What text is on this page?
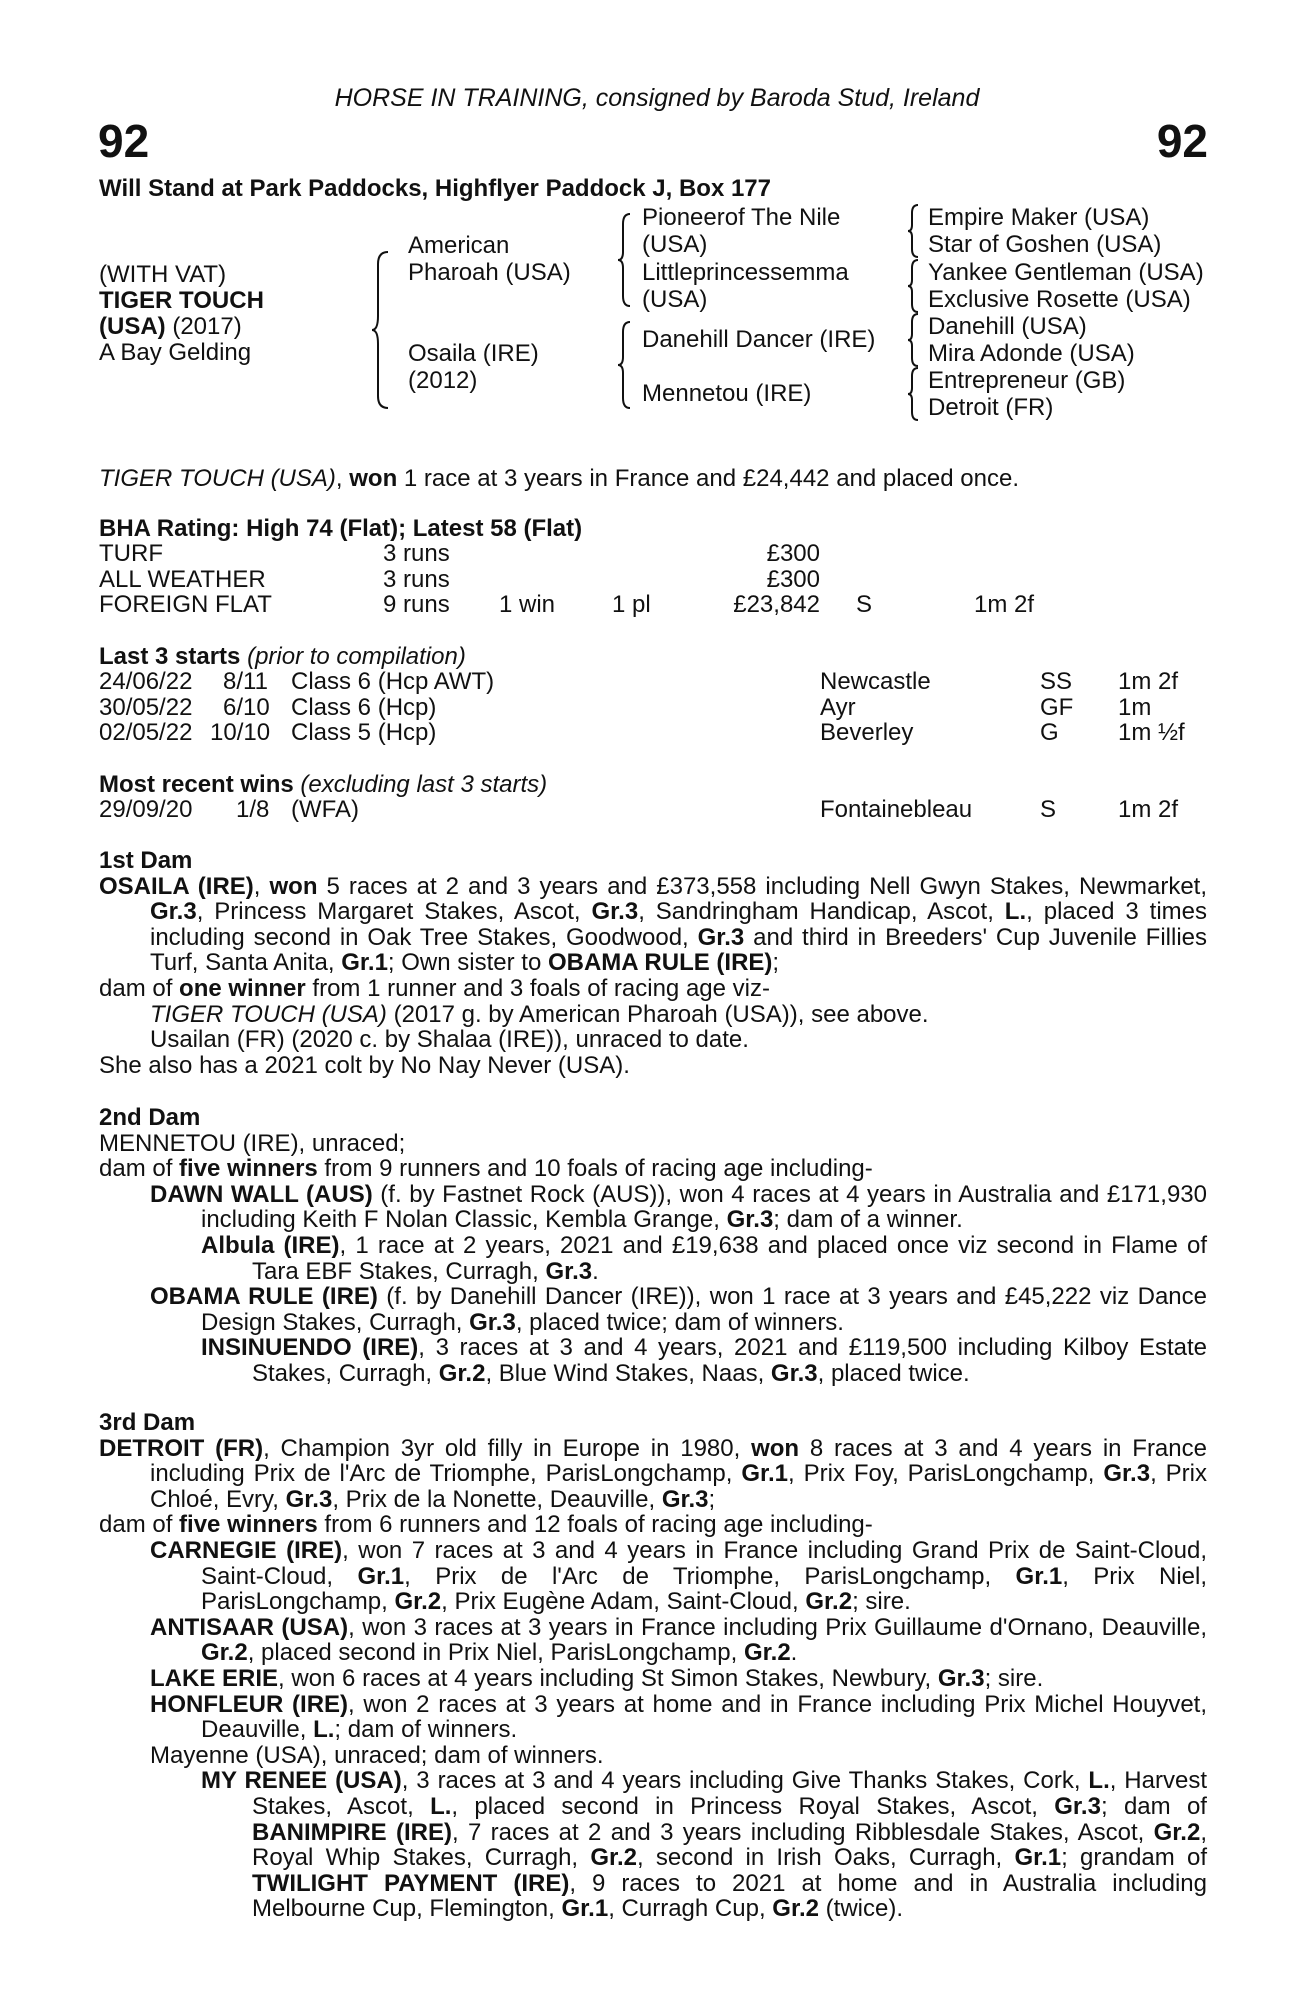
HORSE IN TRAINING, consigned by Baroda Stud, Ireland
92	92
Will Stand at Park Paddocks, Highflyer Paddock J, Box 177
(WITH VAT)
TIGER TOUCH
(USA) (2017)
A Bay Gelding
American
Pharoah (USA)
Osaila (IRE)
(2012)
Pioneerof The Nile
(USA)
Littleprincessemma
(USA)
Danehill Dancer (IRE)
Mennetou (IRE)
Empire Maker (USA)
Star of Goshen (USA)
Yankee Gentleman (USA)
Exclusive Rosette (USA)
Danehill (USA)
Mira Adonde (USA)
Entrepreneur (GB)
Detroit (FR)
TIGER TOUCH (USA), won 1 race at 3 years in France and £24,442 and placed once.
BHA Rating: High 74 (Flat); Latest 58 (Flat)
TURF	3 runs	£300
ALL WEATHER	3 runs	£300
FOREIGN FLAT	9 runs 1 win 1 pl	£23,842 S	1m 2f
Last 3 starts (prior to compilation)
24/06/22 8/11 Class 6 (Hcp AWT)	Newcastle	SS 1m 2f
30/05/22 6/10 Class 6 (Hcp)	Ayr	GF 1m
02/05/22 10/10 Class 5 (Hcp)	Beverley	G 1m ½f
Most recent wins (excluding last 3 starts)
29/09/20 1/8 (WFA)	Fontainebleau	S	1m 2f
1st Dam
OSAILA (IRE), won 5 races at 2 and 3 years and £373,558 including Nell Gwyn Stakes, Newmarket, Gr.3, Princess Margaret Stakes, Ascot, Gr.3, Sandringham Handicap, Ascot, L., placed 3 times including second in Oak Tree Stakes, Goodwood, Gr.3 and third in Breeders' Cup Juvenile Fillies Turf, Santa Anita, Gr.1; Own sister to OBAMA RULE (IRE);
dam of one winner from 1 runner and 3 foals of racing age viz-
TIGER TOUCH (USA) (2017 g. by American Pharoah (USA)), see above.
Usailan (FR) (2020 c. by Shalaa (IRE)), unraced to date.
She also has a 2021 colt by No Nay Never (USA).
2nd Dam
MENNETOU (IRE), unraced;
dam of five winners from 9 runners and 10 foals of racing age including-
DAWN WALL (AUS) (f. by Fastnet Rock (AUS)), won 4 races at 4 years in Australia and £171,930 including Keith F Nolan Classic, Kembla Grange, Gr.3; dam of a winner.
Albula (IRE), 1 race at 2 years, 2021 and £19,638 and placed once viz second in Flame of Tara EBF Stakes, Curragh, Gr.3.
OBAMA RULE (IRE) (f. by Danehill Dancer (IRE)), won 1 race at 3 years and £45,222 viz Dance Design Stakes, Curragh, Gr.3, placed twice; dam of winners.
INSINUENDO (IRE), 3 races at 3 and 4 years, 2021 and £119,500 including Kilboy Estate Stakes, Curragh, Gr.2, Blue Wind Stakes, Naas, Gr.3, placed twice.
3rd Dam
DETROIT (FR), Champion 3yr old filly in Europe in 1980, won 8 races at 3 and 4 years in France including Prix de l'Arc de Triomphe, ParisLongchamp, Gr.1, Prix Foy, ParisLongchamp, Gr.3, Prix Chloé, Evry, Gr.3, Prix de la Nonette, Deauville, Gr.3;
dam of five winners from 6 runners and 12 foals of racing age including-
CARNEGIE (IRE), won 7 races at 3 and 4 years in France including Grand Prix de Saint-Cloud, Saint-Cloud, Gr.1, Prix de l'Arc de Triomphe, ParisLongchamp, Gr.1, Prix Niel, ParisLongchamp, Gr.2, Prix Eugène Adam, Saint-Cloud, Gr.2; sire.
ANTISAAR (USA), won 3 races at 3 years in France including Prix Guillaume d'Ornano, Deauville, Gr.2, placed second in Prix Niel, ParisLongchamp, Gr.2.
LAKE ERIE, won 6 races at 4 years including St Simon Stakes, Newbury, Gr.3; sire.
HONFLEUR (IRE), won 2 races at 3 years at home and in France including Prix Michel Houyvet, Deauville, L.; dam of winners.
Mayenne (USA), unraced; dam of winners.
MY RENEE (USA), 3 races at 3 and 4 years including Give Thanks Stakes, Cork, L., Harvest Stakes, Ascot, L., placed second in Princess Royal Stakes, Ascot, Gr.3; dam of BANIMPIRE (IRE), 7 races at 2 and 3 years including Ribblesdale Stakes, Ascot, Gr.2, Royal Whip Stakes, Curragh, Gr.2, second in Irish Oaks, Curragh, Gr.1; grandam of TWILIGHT PAYMENT (IRE), 9 races to 2021 at home and in Australia including Melbourne Cup, Flemington, Gr.1, Curragh Cup, Gr.2 (twice).
